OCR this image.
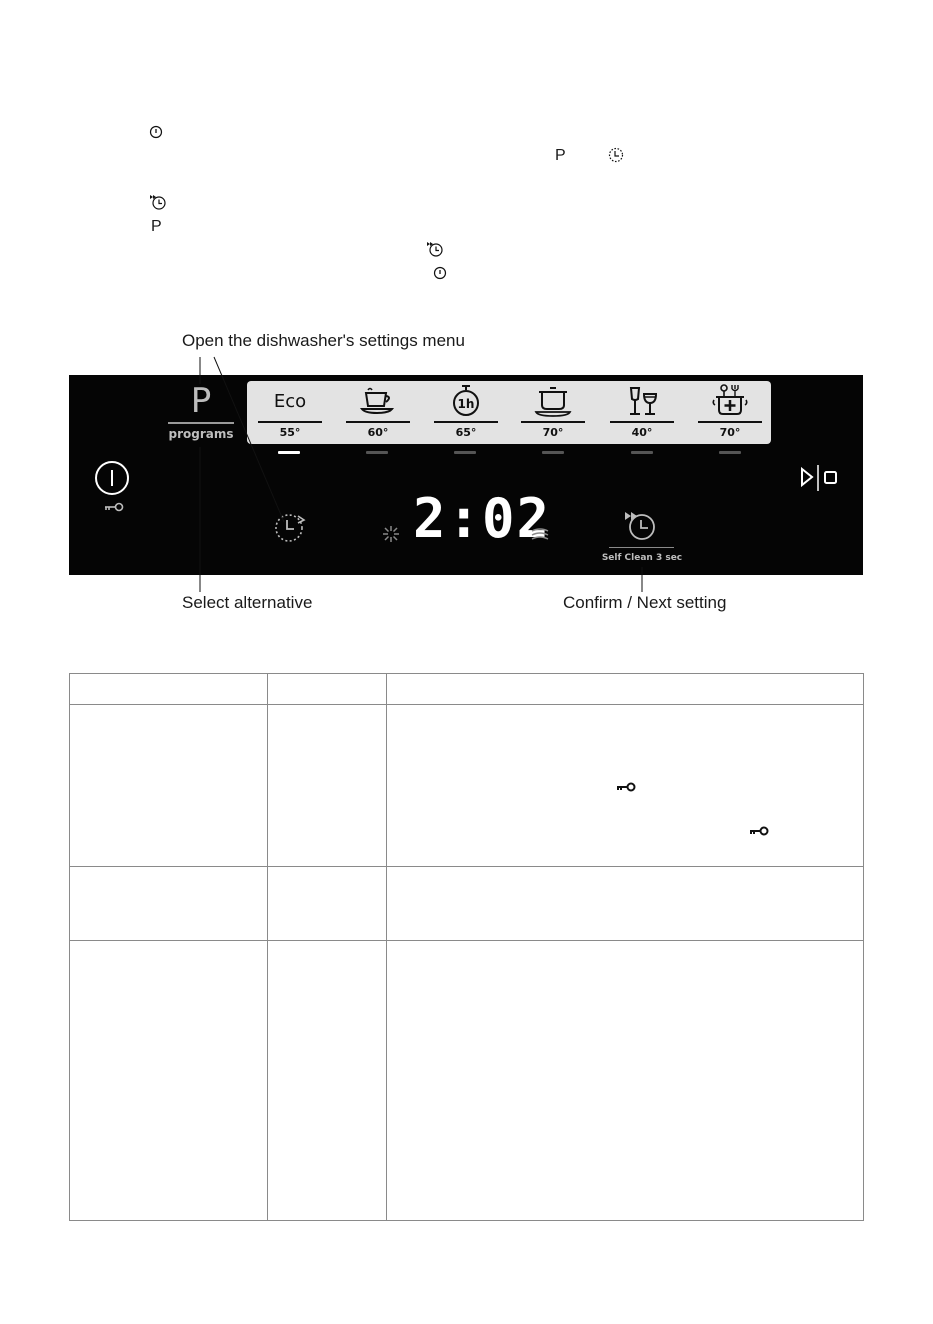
P
P
Open the dishwasher's settings menu
Select alternative	Confirm / Next setting
P
programs
Eco
55°	60°
1h
65°	70°	40°	70°
2:02
Self Clean 3 sec
